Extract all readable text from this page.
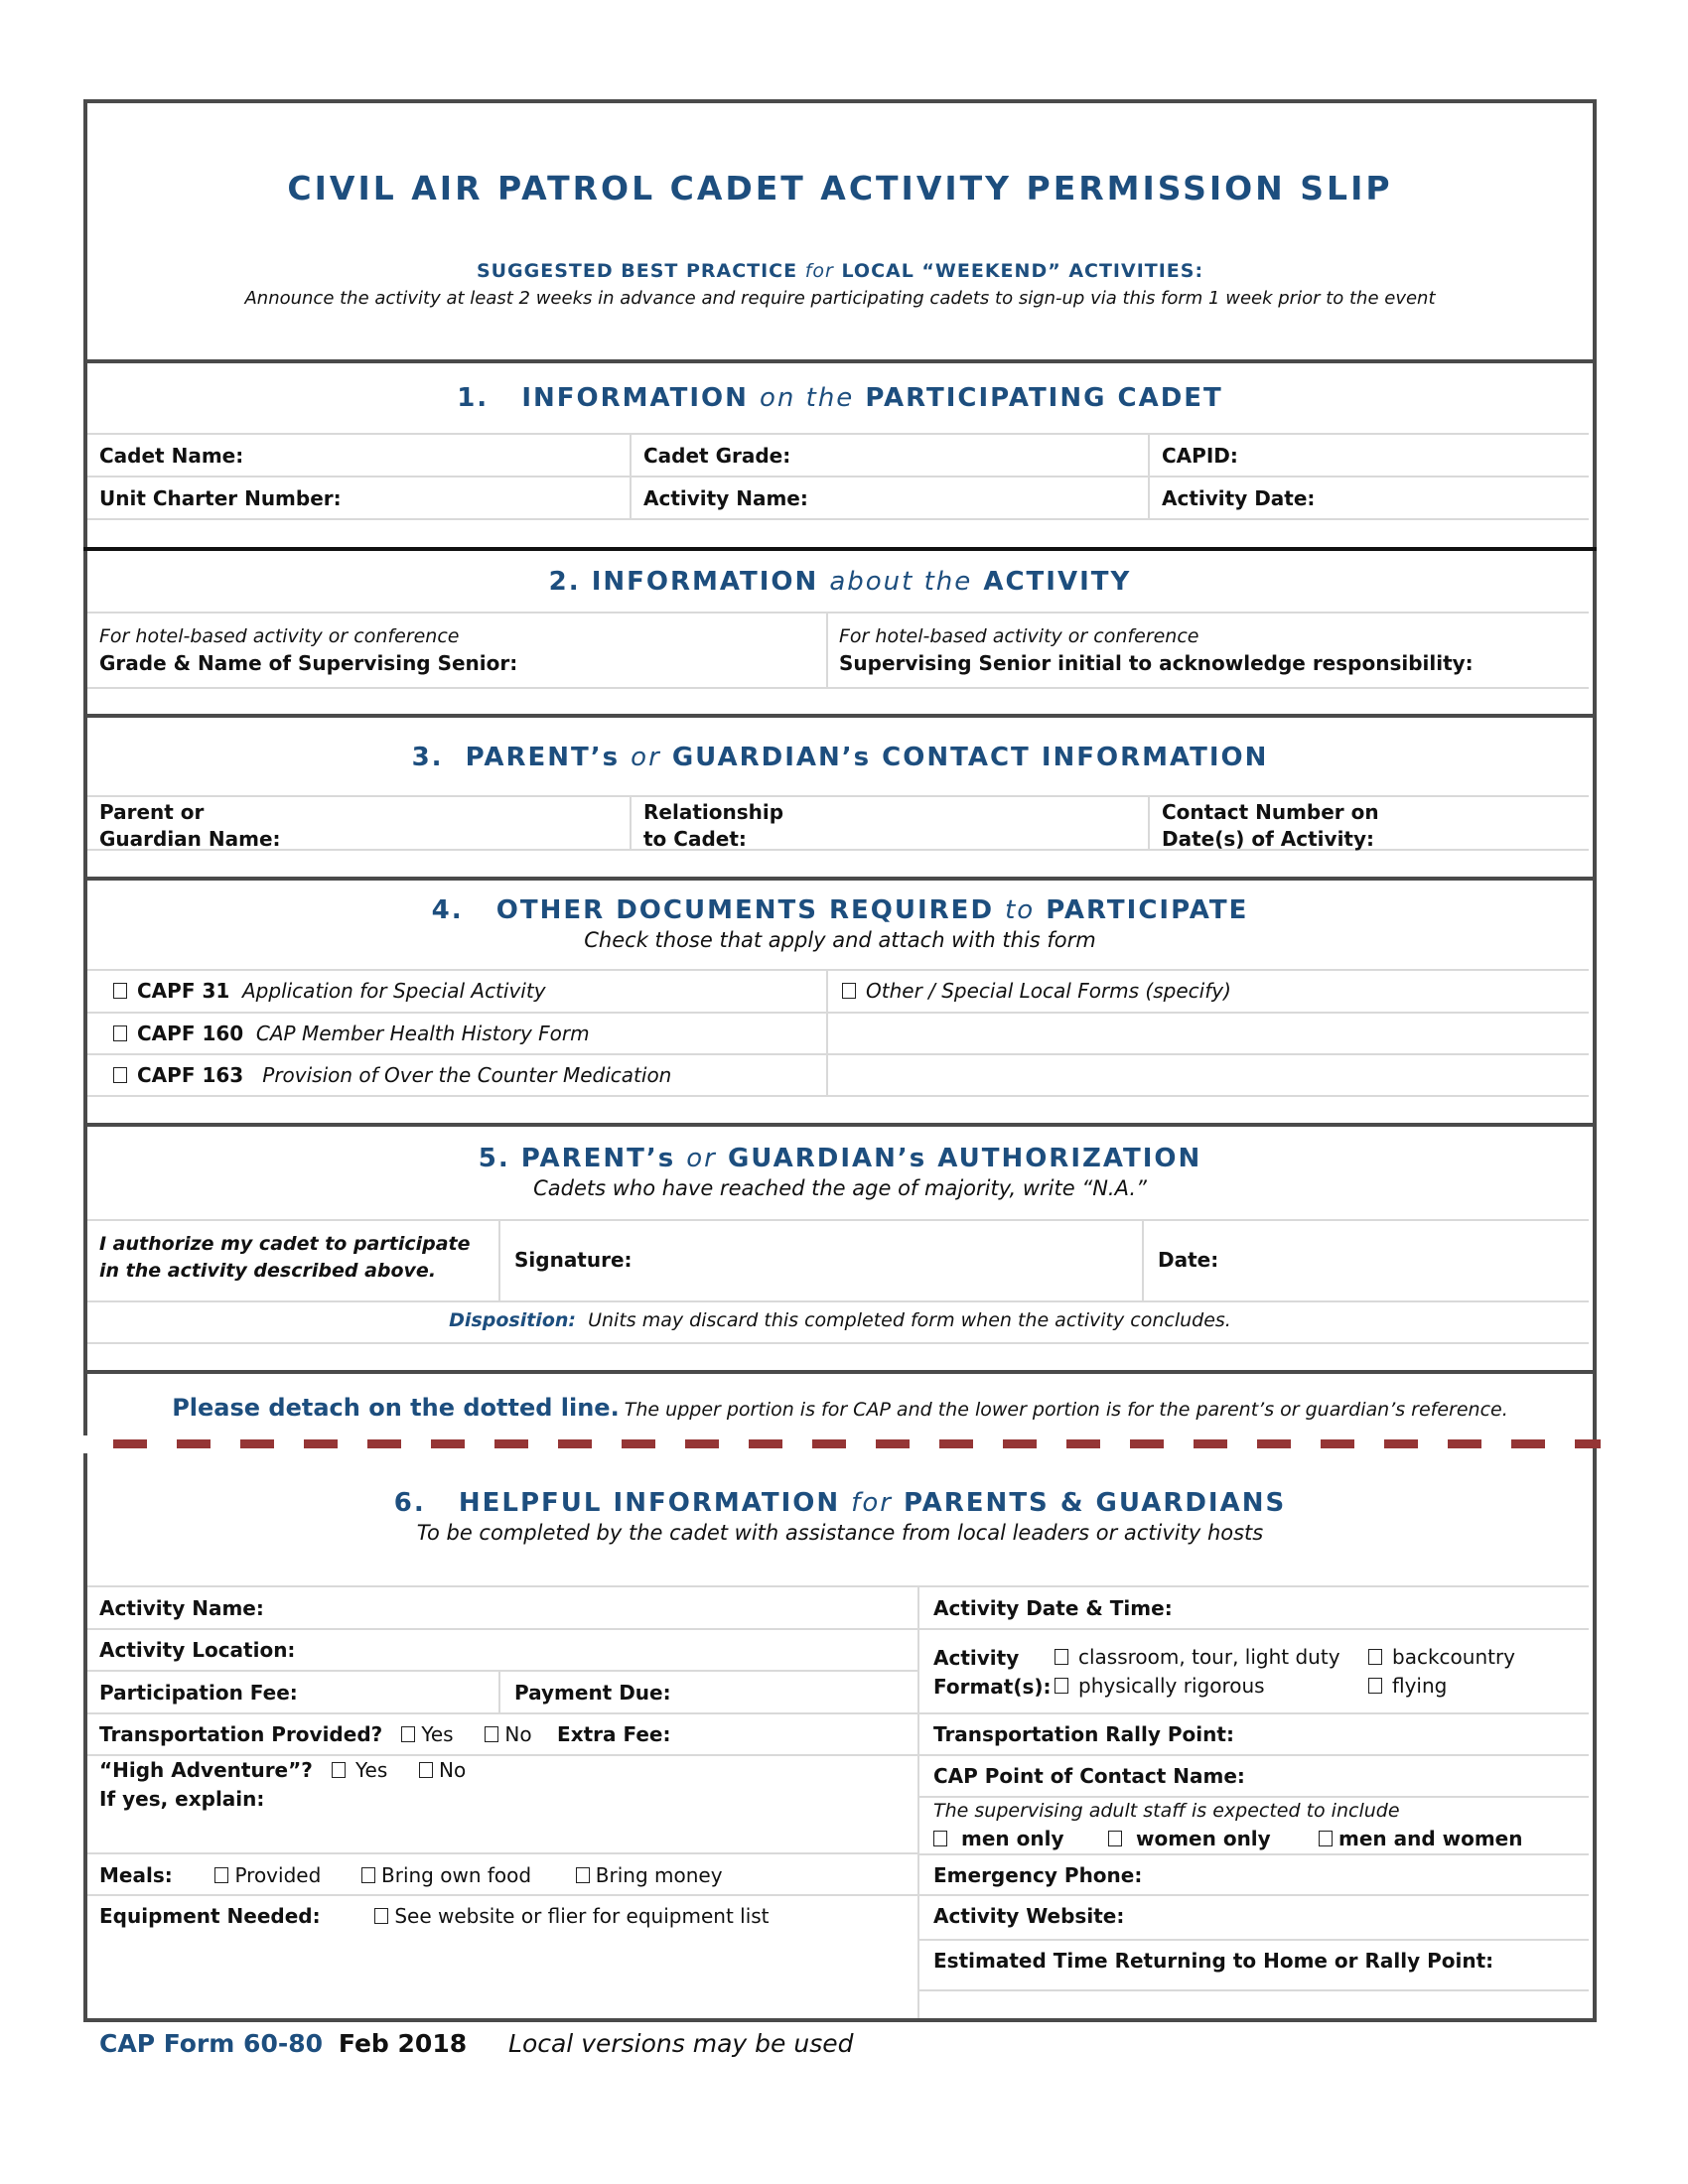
CIVIL AIR PATROL CADET ACTIVITY PERMISSION SLIP
SUGGESTED BEST PRACTICE for LOCAL “WEEKEND” ACTIVITIES:
Announce the activity at least 2 weeks in advance and require participating cadets to sign-up via this form 1 week prior to the event
1. INFORMATION on the PARTICIPATING CADET
Cadet Name:	Cadet Grade:	CAPID:
Unit Charter Number:	Activity Name:	Activity Date:
2. INFORMATION about the ACTIVITY
For hotel-based activity or conference
Grade & Name of Supervising Senior:
For hotel-based activity or conference
Supervising Senior initial to acknowledge responsibility:
3. PARENT’s or GUARDIAN’s CONTACT INFORMATION
Parent or
Guardian Name:
Relationship
to Cadet:
Contact Number on
Date(s) of Activity:
4. OTHER DOCUMENTS REQUIRED to PARTICIPATE
Check those that apply and attach with this form
CAPF 31 Application for Special Activity
CAPF 160 CAP Member Health History Form
CAPF 163 Provision of Over the Counter Medication
Other / Special Local Forms (specify)
5. PARENT’s or GUARDIAN’s AUTHORIZATION
Cadets who have reached the age of majority, write “N.A.”
I authorize my cadet to participate
in the activity described above.	Signature:	Date:
Disposition: Units may discard this completed form when the activity concludes.
Please detach on the dotted line. The upper portion is for CAP and the lower portion is for the parent’s or guardian’s reference.
6. HELPFUL INFORMATION for PARENTS & GUARDIANS
To be completed by the cadet with assistance from local leaders or activity hosts
Activity Name:
Activity Location:
Participation Fee:	Payment Due:
Transportation Provided? Yes	No Extra Fee:
“High Adventure”? Yes	No
If yes, explain:
Meals:	Provided	Bring own food	Bring money
Equipment Needed:	See website or flier for equipment list
Activity Date & Time:
Activity
Format(s):
classroom, tour, light duty	backcountry
physically rigorous	flying
Transportation Rally Point:
CAP Point of Contact Name:
The supervising adult staff is expected to include
men only	women only	men and women
Emergency Phone:
Activity Website:
Estimated Time Returning to Home or Rally Point:
CAP Form 60-80 Feb 2018 Local versions may be used
